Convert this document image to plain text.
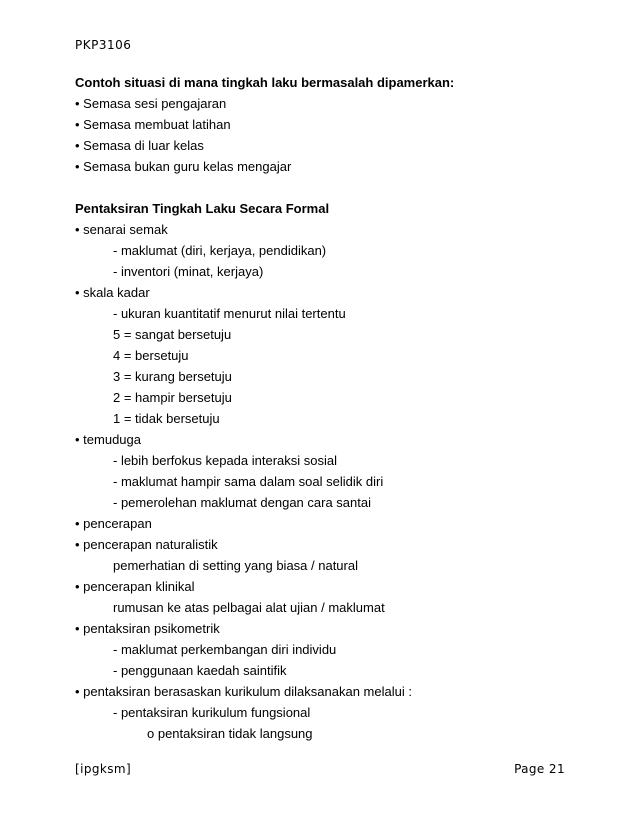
PKP3106
Contoh situasi di mana tingkah laku bermasalah dipamerkan:
• Semasa sesi pengajaran
• Semasa membuat latihan
• Semasa di luar kelas
• Semasa bukan guru kelas mengajar
Pentaksiran Tingkah Laku Secara Formal
• senarai semak
- maklumat (diri, kerjaya, pendidikan)
- inventori (minat, kerjaya)
• skala kadar
- ukuran kuantitatif menurut nilai tertentu
5 = sangat bersetuju
4 = bersetuju
3 = kurang bersetuju
2 = hampir bersetuju
1 = tidak bersetuju
• temuduga
- lebih berfokus kepada interaksi sosial
- maklumat hampir sama dalam soal selidik diri
- pemerolehan maklumat dengan cara santai
• pencerapan
• pencerapan naturalistik
pemerhatian di setting yang biasa / natural
• pencerapan klinikal
rumusan ke atas pelbagai alat ujian / maklumat
• pentaksiran psikometrik
- maklumat perkembangan diri individu
- penggunaan kaedah saintifik
• pentaksiran berasaskan kurikulum dilaksanakan melalui :
- pentaksiran kurikulum fungsional
o pentaksiran tidak langsung
[ipgksm]	Page 21
